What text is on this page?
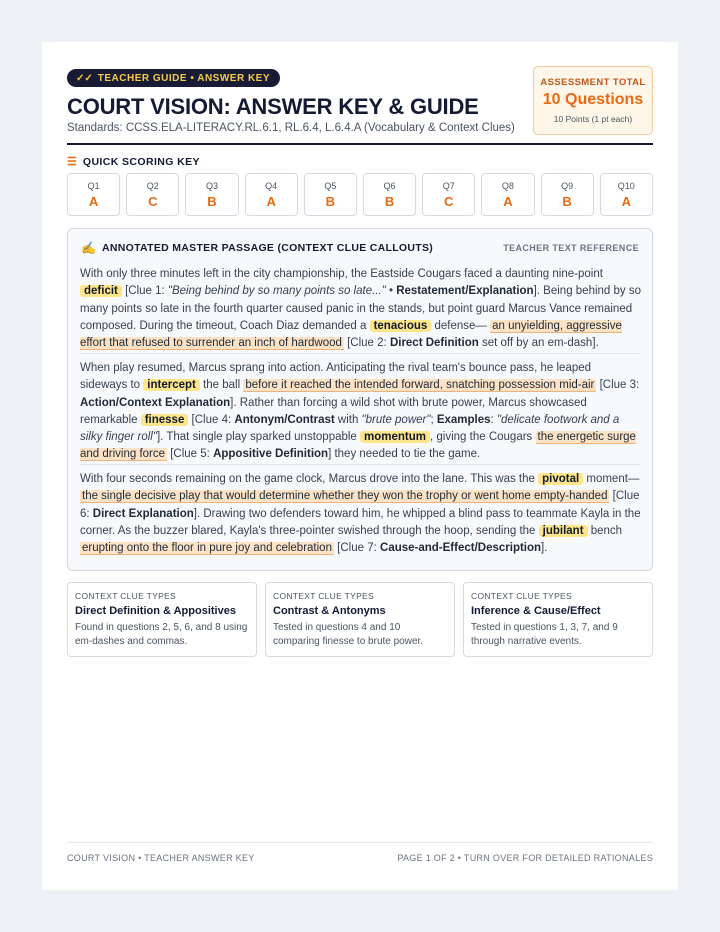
✓✓ TEACHER GUIDE • ANSWER KEY
COURT VISION: ANSWER KEY & GUIDE
Standards: CCSS.ELA-LITERACY.RL.6.1, RL.6.4, L.6.4.A (Vocabulary & Context Clues)
ASSESSMENT TOTAL
10 Questions
10 Points (1 pt each)
☰ QUICK SCORING KEY
Q1
A
Q2
C
Q3
B
Q4
A
Q5
B
Q6
B
Q7
C
Q8
A
Q9
B
Q10
A
✍ ANNOTATED MASTER PASSAGE (CONTEXT CLUE CALLOUTS)	TEACHER TEXT REFERENCE
With only three minutes left in the city championship, the Eastside Cougars faced a daunting nine-point deficit [Clue 1: "Being behind by so many points so late..." • Restatement/Explanation]. Being behind by so many points so late in the fourth quarter caused panic in the stands, but point guard Marcus Vance remained composed. During the timeout, Coach Diaz demanded a tenacious defense— an unyielding, aggressive effort that refused to surrender an inch of hardwood [Clue 2: Direct Definition set off by an em-dash].
When play resumed, Marcus sprang into action. Anticipating the rival team's bounce pass, he leaped sideways to intercept the ball before it reached the intended forward, snatching possession mid-air [Clue 3: Action/Context Explanation]. Rather than forcing a wild shot with brute power, Marcus showcased remarkable finesse [Clue 4: Antonym/Contrast with "brute power"; Examples: "delicate footwork and a silky finger roll"]. That single play sparked unstoppable momentum , giving the Cougars the energetic surge and driving force [Clue 5: Appositive Definition] they needed to tie the game.
With four seconds remaining on the game clock, Marcus drove into the lane. This was the pivotal moment— the single decisive play that would determine whether they won the trophy or went home empty-handed [Clue 6: Direct Explanation]. Drawing two defenders toward him, he whipped a blind pass to teammate Kayla in the corner. As the buzzer blared, Kayla's three-pointer swished through the hoop, sending the jubilant bench erupting onto the floor in pure joy and celebration [Clue 7: Cause-and-Effect/Description].
CONTEXT CLUE TYPES
Direct Definition & Appositives
Found in questions 2, 5, 6, and 8 using em-dashes and commas.
CONTEXT CLUE TYPES
Contrast & Antonyms
Tested in questions 4 and 10 comparing finesse to brute power.
CONTEXT CLUE TYPES
Inference & Cause/Effect
Tested in questions 1, 3, 7, and 9 through narrative events.
COURT VISION • TEACHER ANSWER KEY	PAGE 1 OF 2 • TURN OVER FOR DETAILED RATIONALES
